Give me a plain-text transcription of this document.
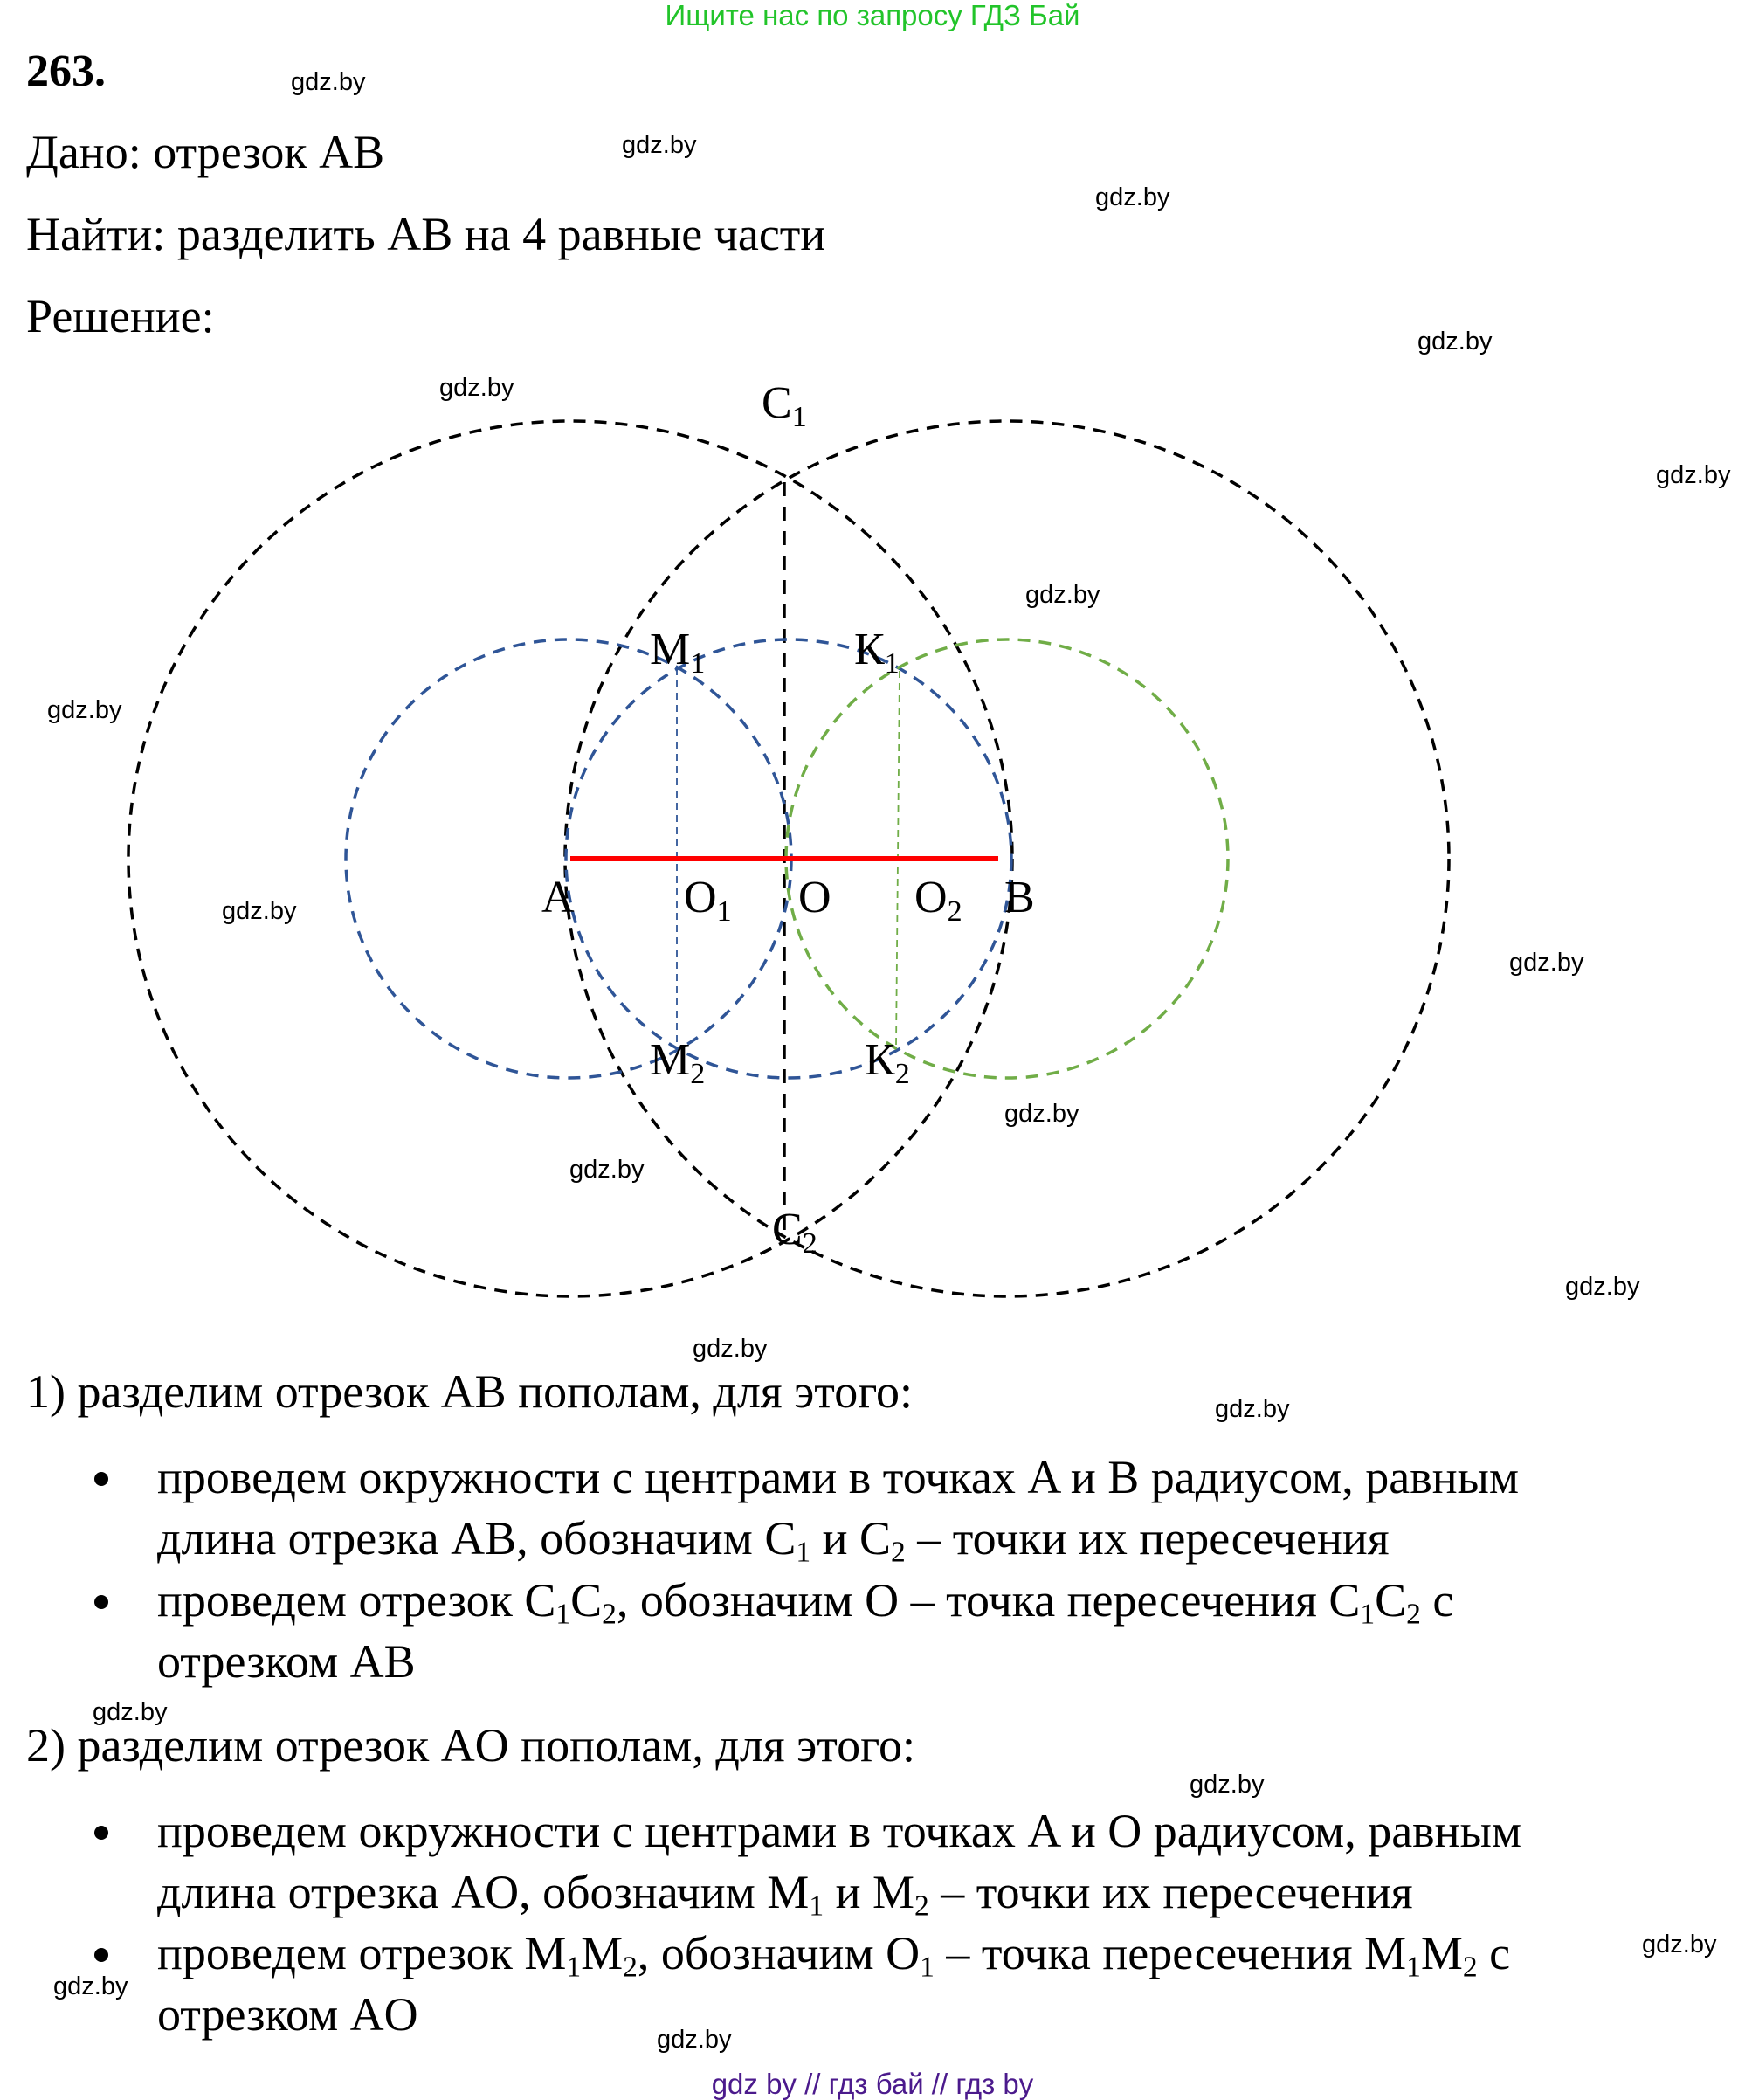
Ищите нас по запросу ГДЗ Бай
263.
Дано: отрезок AB
Найти: разделить AB на 4 равные части
Решение:
C1
M1	К1
A O1 O O2 B
M2	К2
C2
1) разделим отрезок AB пополам, для этого:
проведем окружности с центрами в точках A и B радиусом, равным
длина отрезка AB, обозначим $C_1$ и $C_2$ – точки их пересечения
проведем отрезок $C_1C_2$, обозначим O – точка пересечения $C_1C_2$ с
отрезком AB
2) разделим отрезок AO пополам, для этого:
проведем окружности с центрами в точках A и O радиусом, равным
длина отрезка AO, обозначим $M_1$ и $M_2$ – точки их пересечения
проведем отрезок $M_1M_2$, обозначим $O_1$ – точка пересечения $M_1M_2$ с
отрезком AO
gdz.by
gdz.by
gdz.by
gdz.by
gdz.by
gdz.by
gdz.by
gdz.by
gdz.by
gdz.by
gdz.by
gdz.by
gdz.by
gdz.by
gdz.by
gdz.by
gdz.by
gdz.by
gdz.by
gdz.by
gdz by // гдз бай // гдз by
